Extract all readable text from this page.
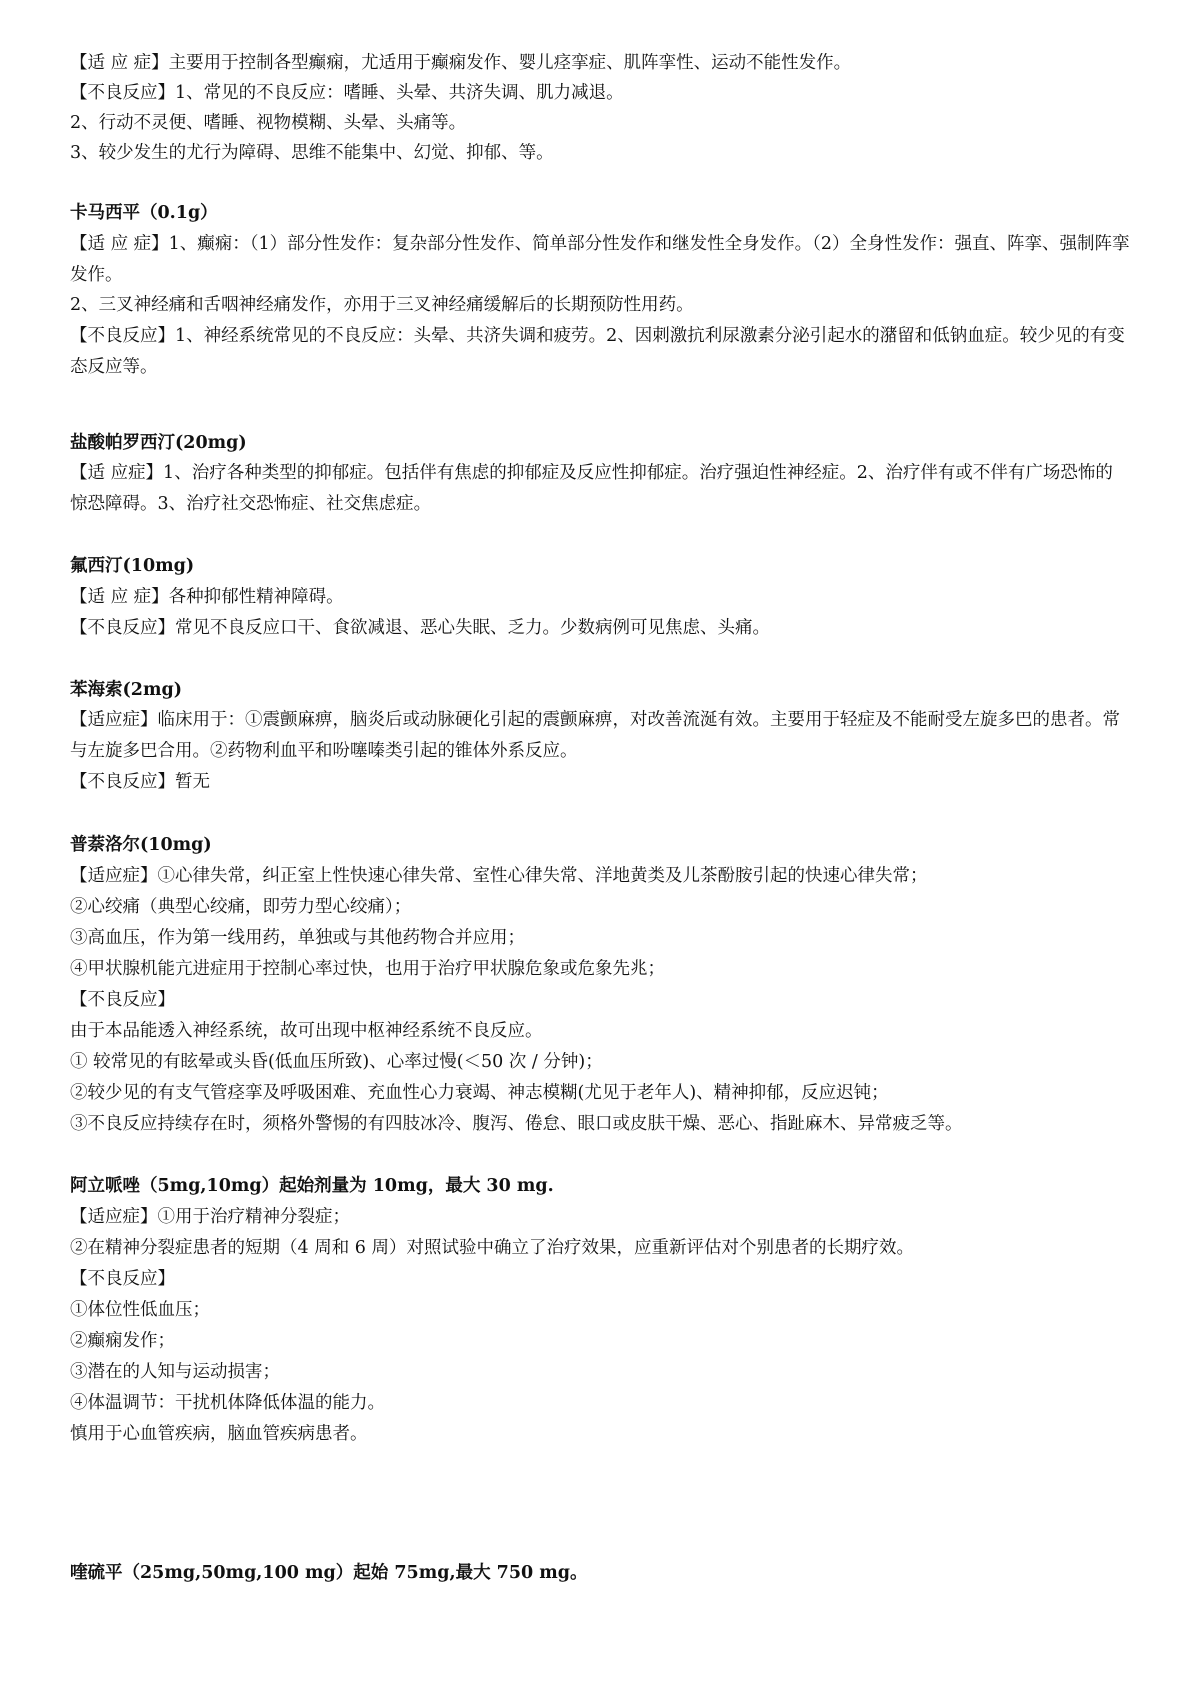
【适 应 症】主要用于控制各型癫痫，尤适用于癫痫发作、婴儿痉挛症、肌阵挛性、运动不能性发作。
【不良反应】1、常见的不良反应：嗜睡、头晕、共济失调、肌力减退。
2、行动不灵便、嗜睡、视物模糊、头晕、头痛等。
3、较少发生的尤行为障碍、思维不能集中、幻觉、抑郁、等。
卡马西平（0.1g）
【适 应 症】1、癫痫：（1）部分性发作：复杂部分性发作、简单部分性发作和继发性全身发作。（2）全身性发作：强直、阵挛、强制阵挛发作。
2、三叉神经痛和舌咽神经痛发作，亦用于三叉神经痛缓解后的长期预防性用药。
【不良反应】1、神经系统常见的不良反应：头晕、共济失调和疲劳。2、因刺激抗利尿激素分泌引起水的潴留和低钠血症。较少见的有变态反应等。
盐酸帕罗西汀(20mg)
【适 应症】1、治疗各种类型的抑郁症。包括伴有焦虑的抑郁症及反应性抑郁症。治疗强迫性神经症。2、治疗伴有或不伴有广场恐怖的惊恐障碍。3、治疗社交恐怖症、社交焦虑症。
氟西汀(10mg)
【适 应 症】各种抑郁性精神障碍。
【不良反应】常见不良反应口干、食欲减退、恶心失眠、乏力。少数病例可见焦虑、头痛。
苯海索(2mg)
【适应症】临床用于：①震颤麻痹，脑炎后或动脉硬化引起的震颤麻痹，对改善流涎有效。主要用于轻症及不能耐受左旋多巴的患者。常与左旋多巴合用。②药物利血平和吩噻嗪类引起的锥体外系反应。
【不良反应】暂无
普萘洛尔(10mg)
【适应症】①心律失常，纠正室上性快速心律失常、室性心律失常、洋地黄类及儿茶酚胺引起的快速心律失常；
②心绞痛（典型心绞痛，即劳力型心绞痛）；
③高血压，作为第一线用药，单独或与其他药物合并应用；
④甲状腺机能亢进症用于控制心率过快，也用于治疗甲状腺危象或危象先兆；
【不良反应】
由于本品能透入神经系统，故可出现中枢神经系统不良反应。
① 较常见的有眩晕或头昏(低血压所致)、心率过慢(＜50 次 / 分钟)；
②较少见的有支气管痉挛及呼吸困难、充血性心力衰竭、神志模糊(尤见于老年人)、精神抑郁，反应迟钝；
③不良反应持续存在时，须格外警惕的有四肢冰冷、腹泻、倦怠、眼口或皮肤干燥、恶心、指趾麻木、异常疲乏等。
阿立哌唑（5mg,10mg）起始剂量为 10mg，最大 30 mg.
【适应症】①用于治疗精神分裂症；
②在精神分裂症患者的短期（4 周和 6 周）对照试验中确立了治疗效果，应重新评估对个别患者的长期疗效。
【不良反应】
①体位性低血压；
②癫痫发作；
③潜在的人知与运动损害；
④体温调节：干扰机体降低体温的能力。
慎用于心血管疾病，脑血管疾病患者。
喹硫平（25mg,50mg,100 mg）起始 75mg,最大 750 mg。
